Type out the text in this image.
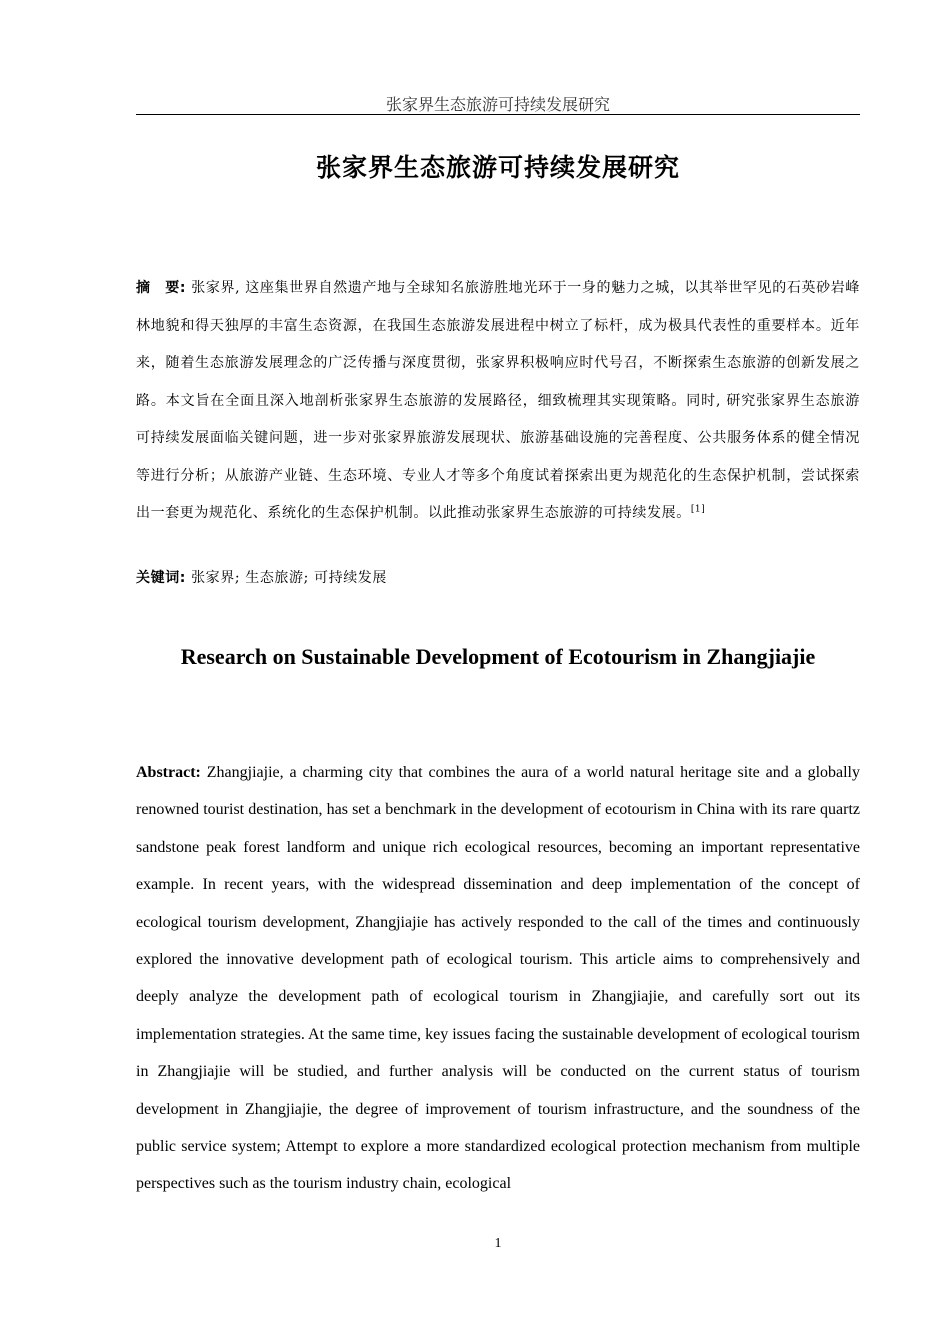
张家界生态旅游可持续发展研究
张家界生态旅游可持续发展研究
摘　要: 张家界, 这座集世界自然遗产地与全球知名旅游胜地光环于一身的魅力之城，以其举世罕见的石英砂岩峰林地貌和得天独厚的丰富生态资源，在我国生态旅游发展进程中树立了标杆，成为极具代表性的重要样本。近年来，随着生态旅游发展理念的广泛传播与深度贯彻，张家界积极响应时代号召，不断探索生态旅游的创新发展之路。本文旨在全面且深入地剖析张家界生态旅游的发展路径，细致梳理其实现策略。同时, 研究张家界生态旅游可持续发展面临关键问题，进一步对张家界旅游发展现状、旅游基础设施的完善程度、公共服务体系的健全情况等进行分析；从旅游产业链、生态环境、专业人才等多个角度试着探索出更为规范化的生态保护机制，尝试探索出一套更为规范化、系统化的生态保护机制。以此推动张家界生态旅游的可持续发展。[1]
关键词: 张家界; 生态旅游; 可持续发展
Research on Sustainable Development of Ecotourism in Zhangjiajie
Abstract: Zhangjiajie, a charming city that combines the aura of a world natural heritage site and a globally renowned tourist destination, has set a benchmark in the development of ecotourism in China with its rare quartz sandstone peak forest landform and unique rich ecological resources, becoming an important representative example. In recent years, with the widespread dissemination and deep implementation of the concept of ecological tourism development, Zhangjiajie has actively responded to the call of the times and continuously explored the innovative development path of ecological tourism. This article aims to comprehensively and deeply analyze the development path of ecological tourism in Zhangjiajie, and carefully sort out its implementation strategies. At the same time, key issues facing the sustainable development of ecological tourism in Zhangjiajie will be studied, and further analysis will be conducted on the current status of tourism development in Zhangjiajie, the degree of improvement of tourism infrastructure, and the soundness of the public service system; Attempt to explore a more standardized ecological protection mechanism from multiple perspectives such as the tourism industry chain, ecological
1
